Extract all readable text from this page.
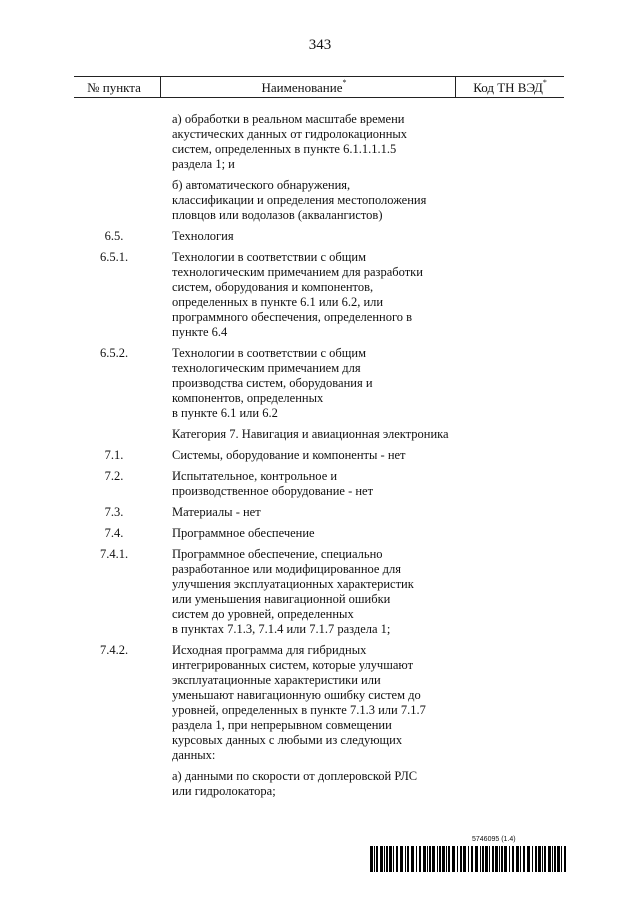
343
№ пункта	Наименование*	Код ТН ВЭД*
а) обработки в реальном масштабе времени
акустических данных от гидролокационных
систем, определенных в пункте 6.1.1.1.1.5
раздела 1; и
б) автоматического обнаружения,
классификации и определения местоположения
пловцов или водолазов (аквалангистов)
6.5.	Технология
6.5.1.	Технологии в соответствии с общим
технологическим примечанием для разработки
систем, оборудования и компонентов,
определенных в пункте 6.1 или 6.2, или
программного обеспечения, определенного в
пункте 6.4
6.5.2.	Технологии в соответствии с общим
технологическим примечанием для
производства систем, оборудования и
компонентов, определенных
в пункте 6.1 или 6.2
Категория 7. Навигация и авиационная электроника
7.1.	Системы, оборудование и компоненты - нет
7.2.	Испытательное, контрольное и
производственное оборудование - нет
7.3.	Материалы - нет
7.4.	Программное обеспечение
7.4.1.	Программное обеспечение, специально
разработанное или модифицированное для
улучшения эксплуатационных характеристик
или уменьшения навигационной ошибки
систем до уровней, определенных
в пунктах 7.1.3, 7.1.4 или 7.1.7 раздела 1;
7.4.2.	Исходная программа для гибридных
интегрированных систем, которые улучшают
эксплуатационные характеристики или
уменьшают навигационную ошибку систем до
уровней, определенных в пункте 7.1.3 или 7.1.7
раздела 1, при непрерывном совмещении
курсовых данных с любыми из следующих
данных:
а) данными по скорости от доплеровской РЛС
или гидролокатора;
5746095 (1.4)
